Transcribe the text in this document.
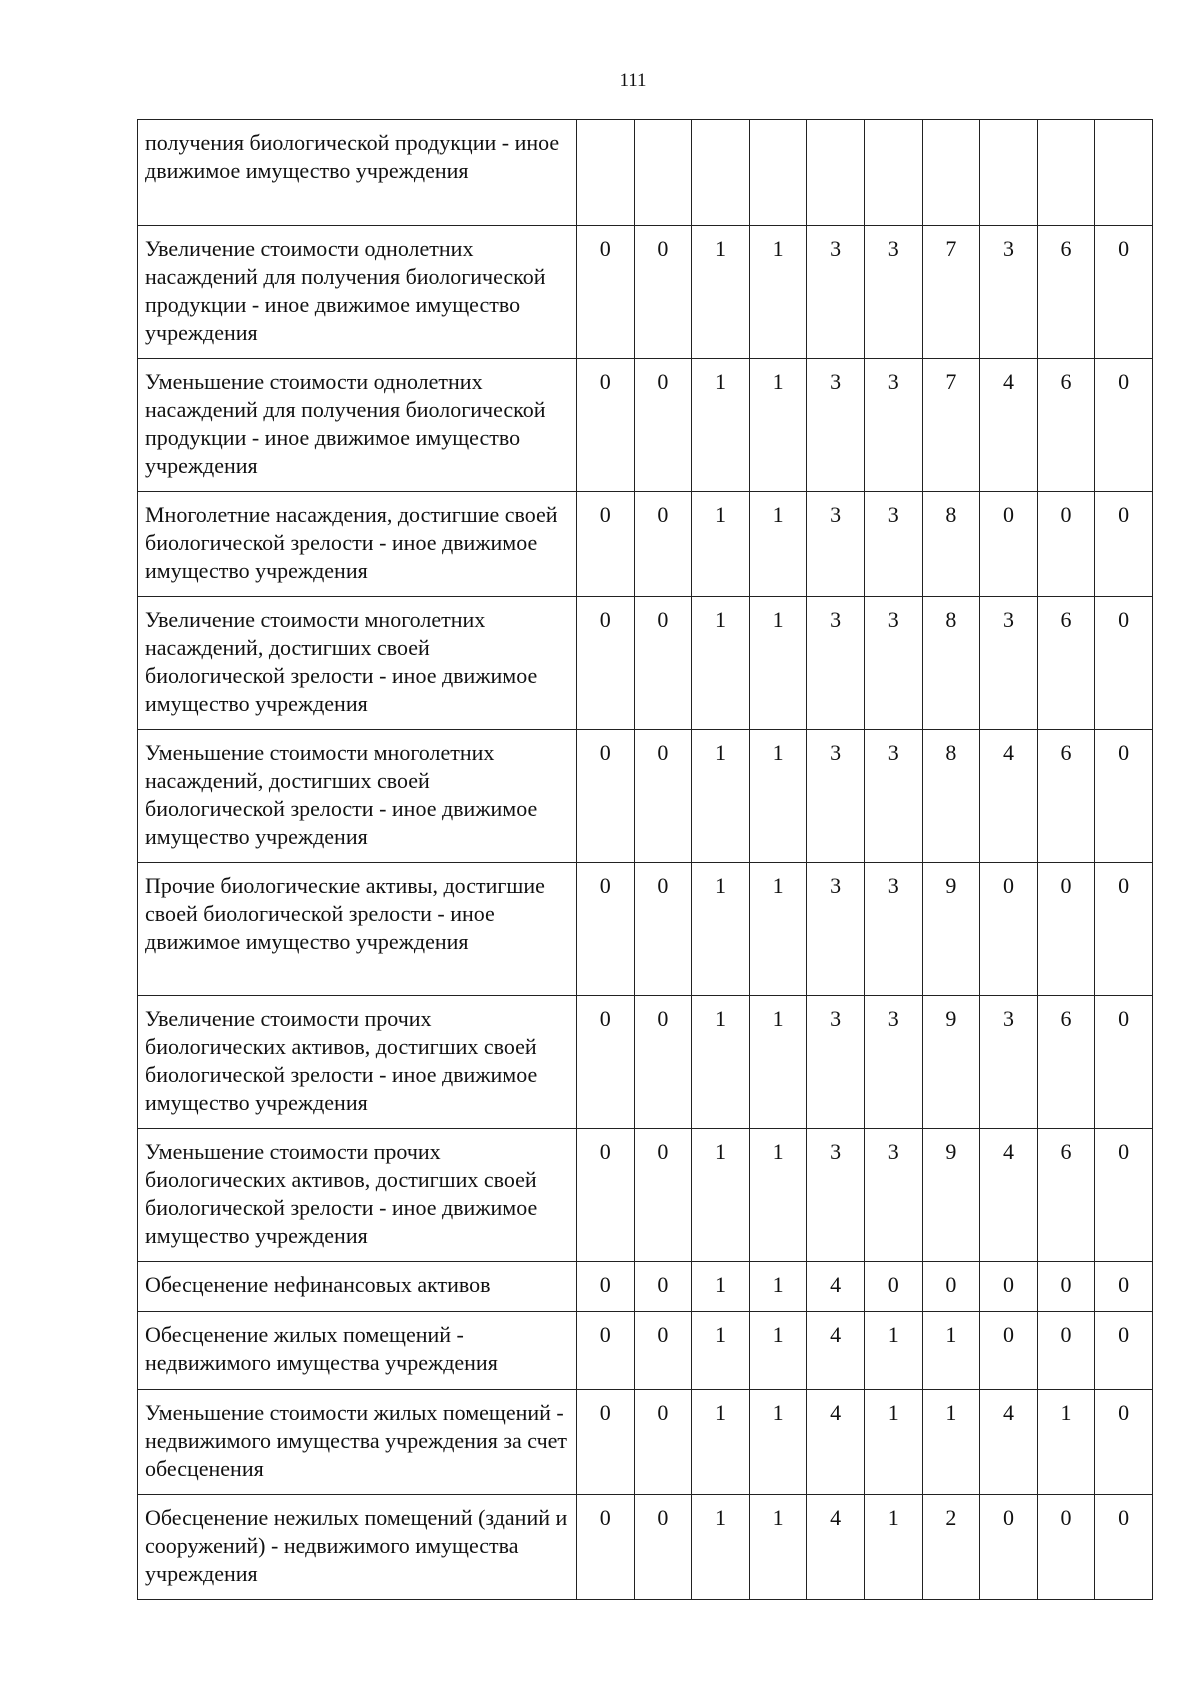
111
получения биологической продукции - иное движимое имущество учреждения										
Увеличение стоимости однолетних насаждений для получения биологической продукции - иное движимое имущество учреждения	0	0	1	1	3	3	7	3	6	0
Уменьшение стоимости однолетних насаждений для получения биологической продукции - иное движимое имущество учреждения	0	0	1	1	3	3	7	4	6	0
Многолетние насаждения, достигшие своей биологической зрелости - иное движимое имущество учреждения	0	0	1	1	3	3	8	0	0	0
Увеличение стоимости многолетних насаждений, достигших своей биологической зрелости - иное движимое имущество учреждения	0	0	1	1	3	3	8	3	6	0
Уменьшение стоимости многолетних насаждений, достигших своей биологической зрелости - иное движимое имущество учреждения	0	0	1	1	3	3	8	4	6	0
Прочие биологические активы, достигшие своей биологической зрелости - иное движимое имущество учреждения	0	0	1	1	3	3	9	0	0	0
Увеличение стоимости прочих биологических активов, достигших своей биологической зрелости - иное движимое имущество учреждения	0	0	1	1	3	3	9	3	6	0
Уменьшение стоимости прочих биологических активов, достигших своей биологической зрелости - иное движимое имущество учреждения	0	0	1	1	3	3	9	4	6	0
Обесценение нефинансовых активов	0	0	1	1	4	0	0	0	0	0
Обесценение жилых помещений - недвижимого имущества учреждения	0	0	1	1	4	1	1	0	0	0
Уменьшение стоимости жилых помещений - недвижимого имущества учреждения за счет обесценения	0	0	1	1	4	1	1	4	1	0
Обесценение нежилых помещений (зданий и сооружений) - недвижимого имущества учреждения	0	0	1	1	4	1	2	0	0	0
